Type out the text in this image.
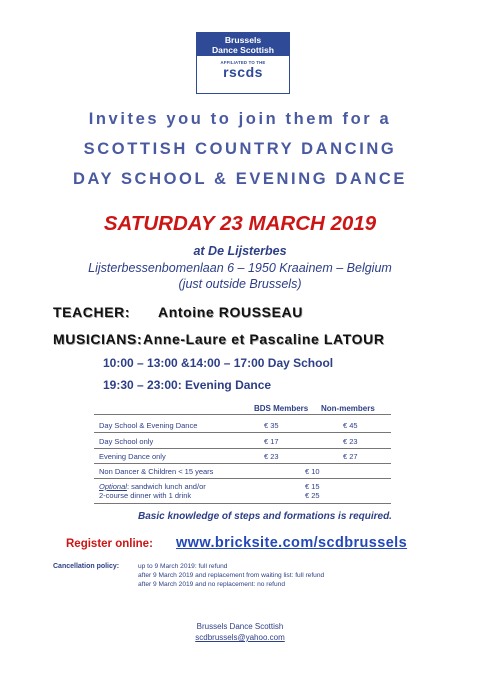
Brussels
Dance Scottish
AFFILIATED TO THE
rscds
Invites you to join them for a
SCOTTISH COUNTRY DANCING
DAY SCHOOL & EVENING DANCE
SATURDAY 23 MARCH 2019
at De Lijsterbes
Lijsterbessenbomenlaan 6 – 1950 Kraainem – Belgium
(just outside Brussels)
TEACHER: Antoine ROUSSEAU
MUSICIANS: Anne-Laure et Pascaline LATOUR
10:00 – 13:00 &14:00 – 17:00 Day School
19:30 – 23:00: Evening Dance
BDS Members Non-members
Day School & Evening Dance	€ 35	€ 45
Day School only	€ 17	€ 23
Evening Dance only	€ 23	€ 27
Non Dancer & Children < 15 years	€ 10
Optional: sandwich lunch and/or	€ 15
2-course dinner with 1 drink	€ 25
Basic knowledge of steps and formations is required.
Register online: www.bricksite.com/scdbrussels
Cancellation policy:	up to 9 March 2019: full refund
after 9 March 2019 and replacement from waiting list: full refund
after 9 March 2019 and no replacement: no refund
Brussels Dance Scottish
scdbrussels@yahoo.com
